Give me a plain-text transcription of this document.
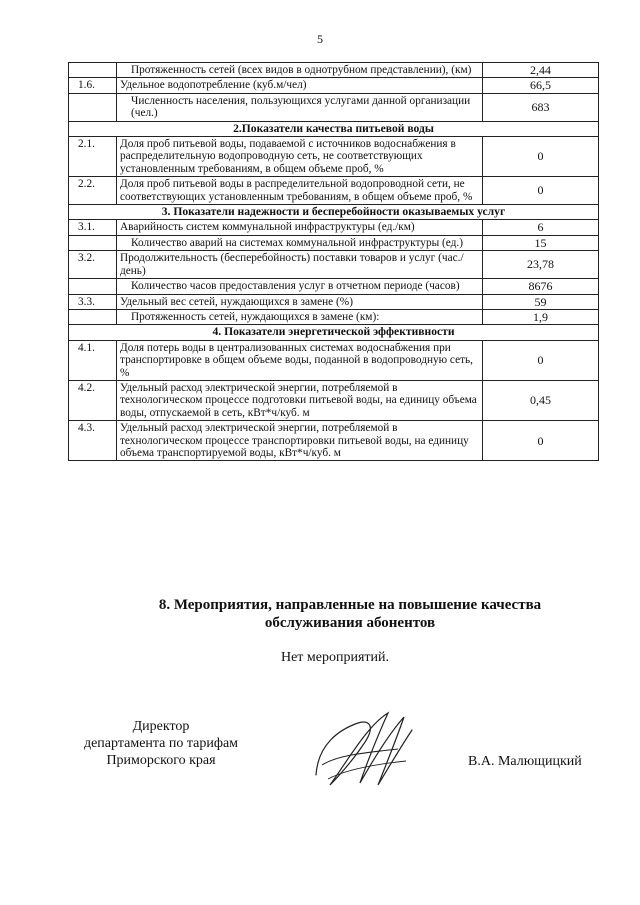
5
	Протяженность сетей (всех видов в однотрубном представлении), (км)	2,44
1.6.	Удельное водопотребление (куб.м/чел)	66,5
	Численность населения, пользующихся услугами данной организации (чел.)	683
2.Показатели качества питьевой воды		
2.1.	Доля проб питьевой воды, подаваемой с источников водоснабжения в распределительную водопроводную сеть, не соответствующих установленным требованиям, в общем объеме проб, %	0
2.2.	Доля проб питьевой воды в распределительной водопроводной сети, не соответствующих установленным требованиям, в общем объеме проб, %	0
3. Показатели надежности и бесперебойности оказываемых услуг		
3.1.	Аварийность систем коммунальной инфраструктуры (ед./км)	6
	Количество аварий на системах коммунальной инфраструктуры (ед.)	15
3.2.	Продолжительность (бесперебойность) поставки товаров и услуг (час./день)	23,78
	Количество часов предоставления услуг в отчетном периоде (часов)	8676
3.3.	Удельный вес сетей, нуждающихся в замене (%)	59
	Протяженность сетей, нуждающихся в замене (км):	1,9
4. Показатели энергетической эффективности		
4.1.	Доля потерь воды в централизованных системах водоснабжения при транспортировке в общем объеме воды, поданной в водопроводную сеть, %	0
4.2.	Удельный расход электрической энергии, потребляемой в технологическом процессе подготовки питьевой воды, на единицу объема воды, отпускаемой в сеть, кВт*ч/куб. м	0,45
4.3.	Удельный расход электрической энергии, потребляемой в технологическом процессе транспортировки питьевой воды, на единицу объема транспортируемой воды, кВт*ч/куб. м	0
8. Мероприятия, направленные на повышение качества
обслуживания абонентов
Нет мероприятий.
Директор
департамента по тарифам
Приморского края	В.А. Малющицкий
